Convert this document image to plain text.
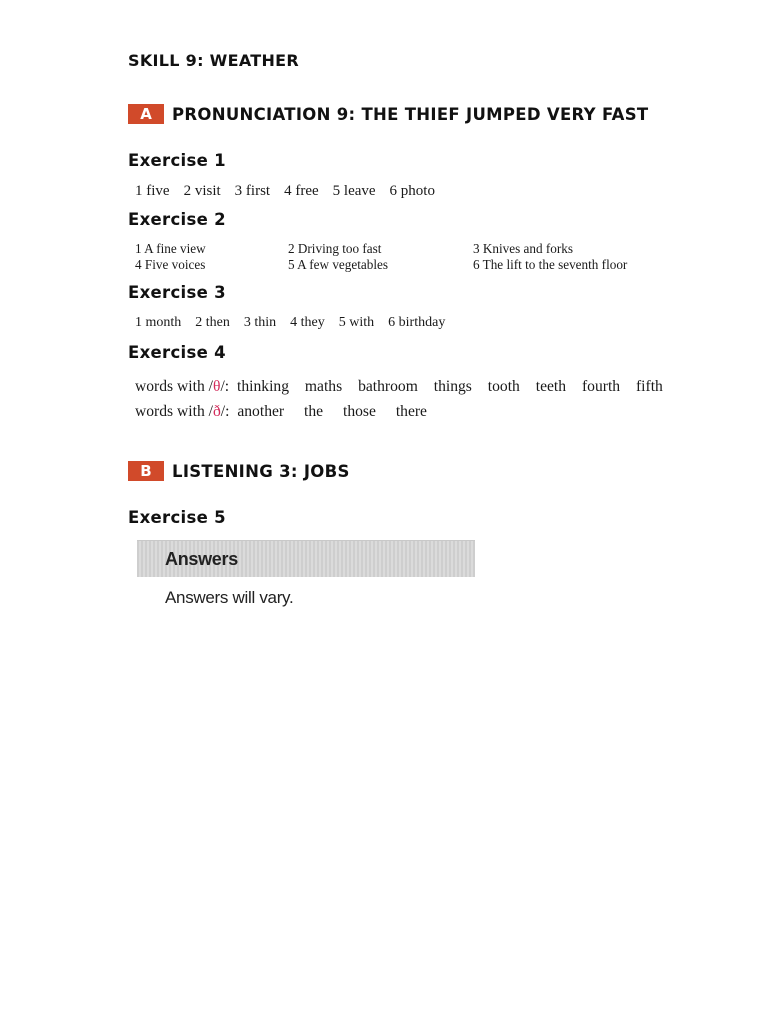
SKILL 9: WEATHER
A	PRONUNCIATION 9: THE THIEF JUMPED VERY FAST
Exercise 1
1 five 2 visit 3 first 4 free 5 leave 6 photo
Exercise 2
1 A fine view	2 Driving too fast	3 Knives and forks
4 Five voices	5 A few vegetables	6 The lift to the seventh floor
Exercise 3
1 month 2 then 3 thin 4 they 5 with 6 birthday
Exercise 4
words with /θ/: thinking maths bathroom things tooth teeth fourth fifth
words with /ð/: another the those there
B	LISTENING 3: JOBS
Exercise 5
Answers
Answers will vary.
